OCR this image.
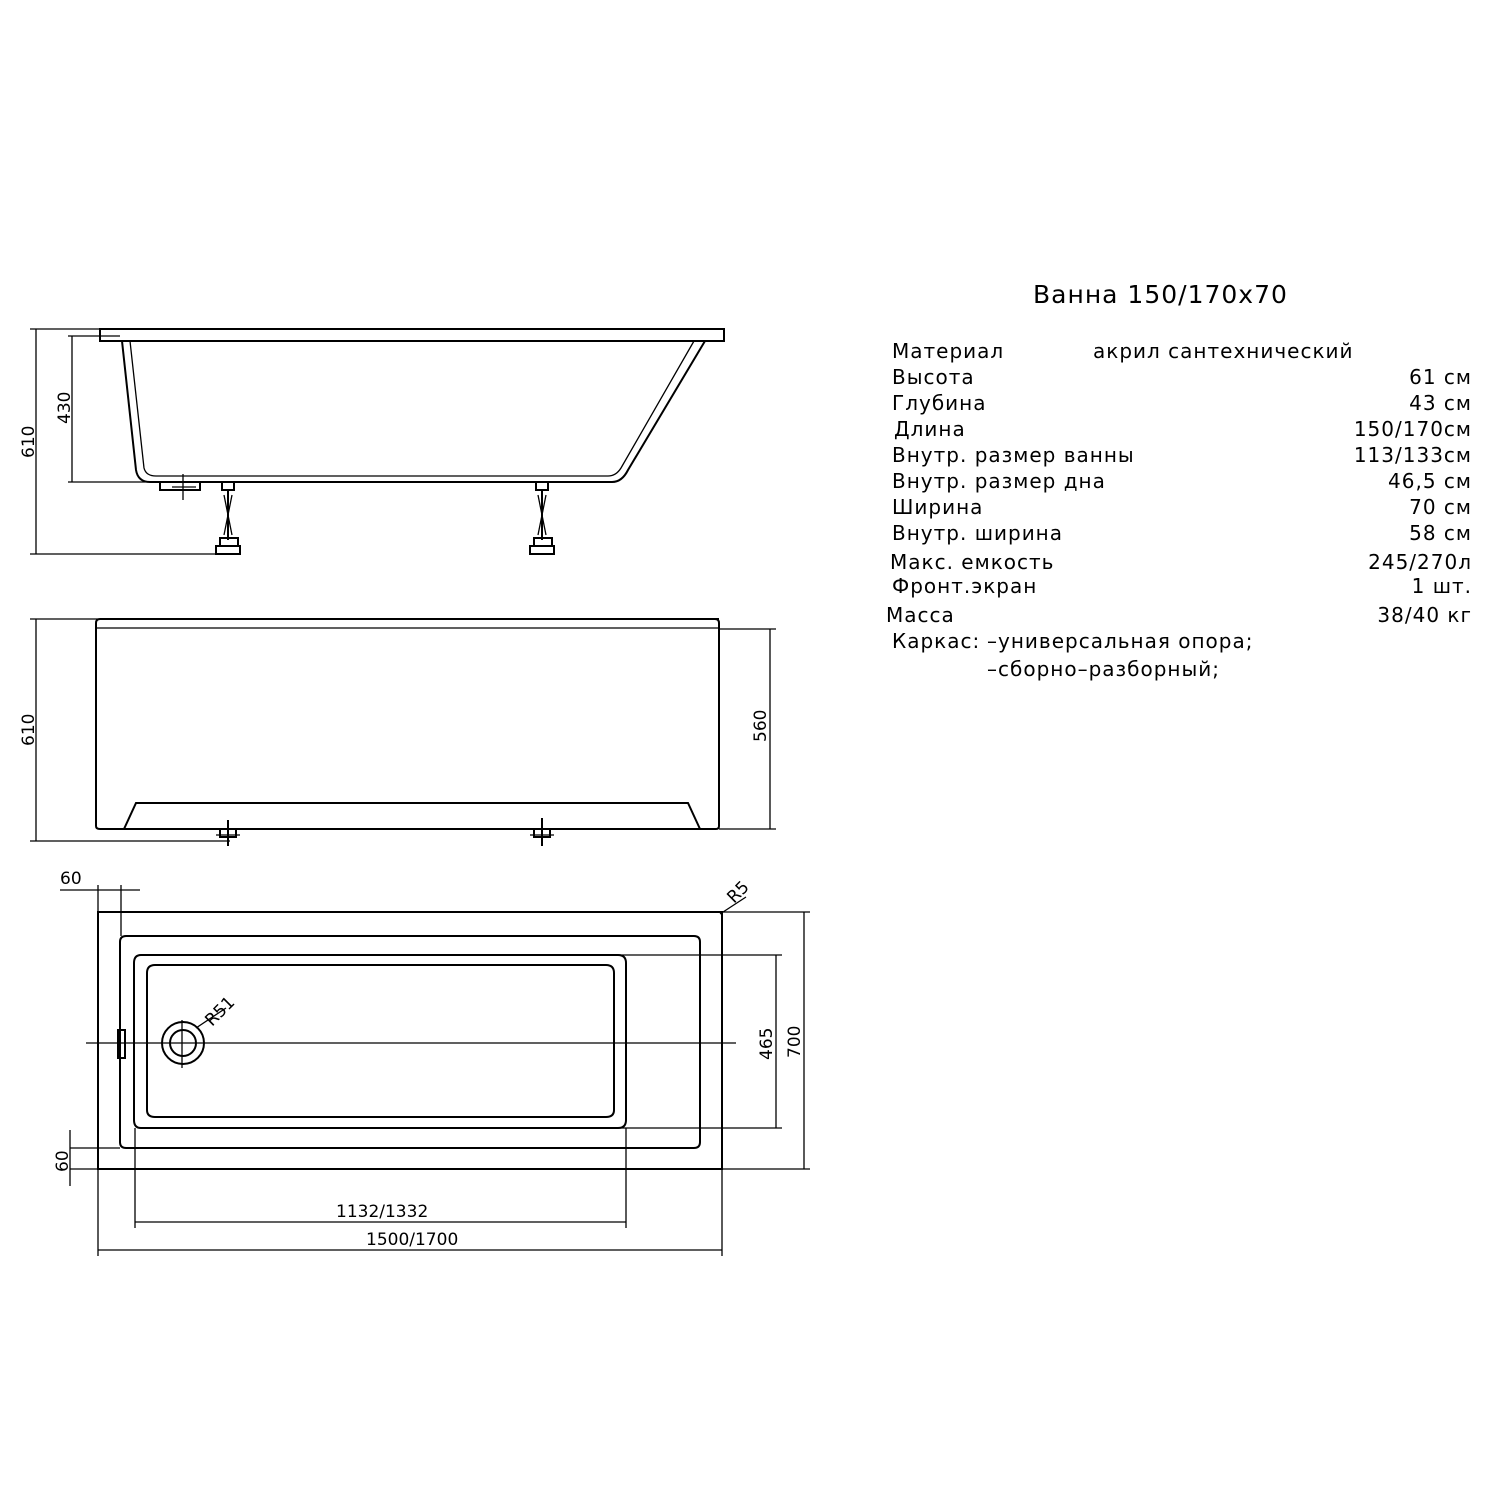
610
430
610	560
R51
R5
60
60
465 700
1132/1332
1500/1700
Ванна 150/170х70
Материал	акрил сантехнический
Высота	61 см
Глубина	43 см
Длина	150/170см
Внутр. размер ванны	113/133см
Внутр. размер дна	46,5 см
Ширина	70 см
Внутр. ширина	58 см
Макс. емкость	245/270л
Фронт.экран	1 шт.
Масса	38/40 кг
Каркас: –универсальная опора;
–сборно–разборный;
